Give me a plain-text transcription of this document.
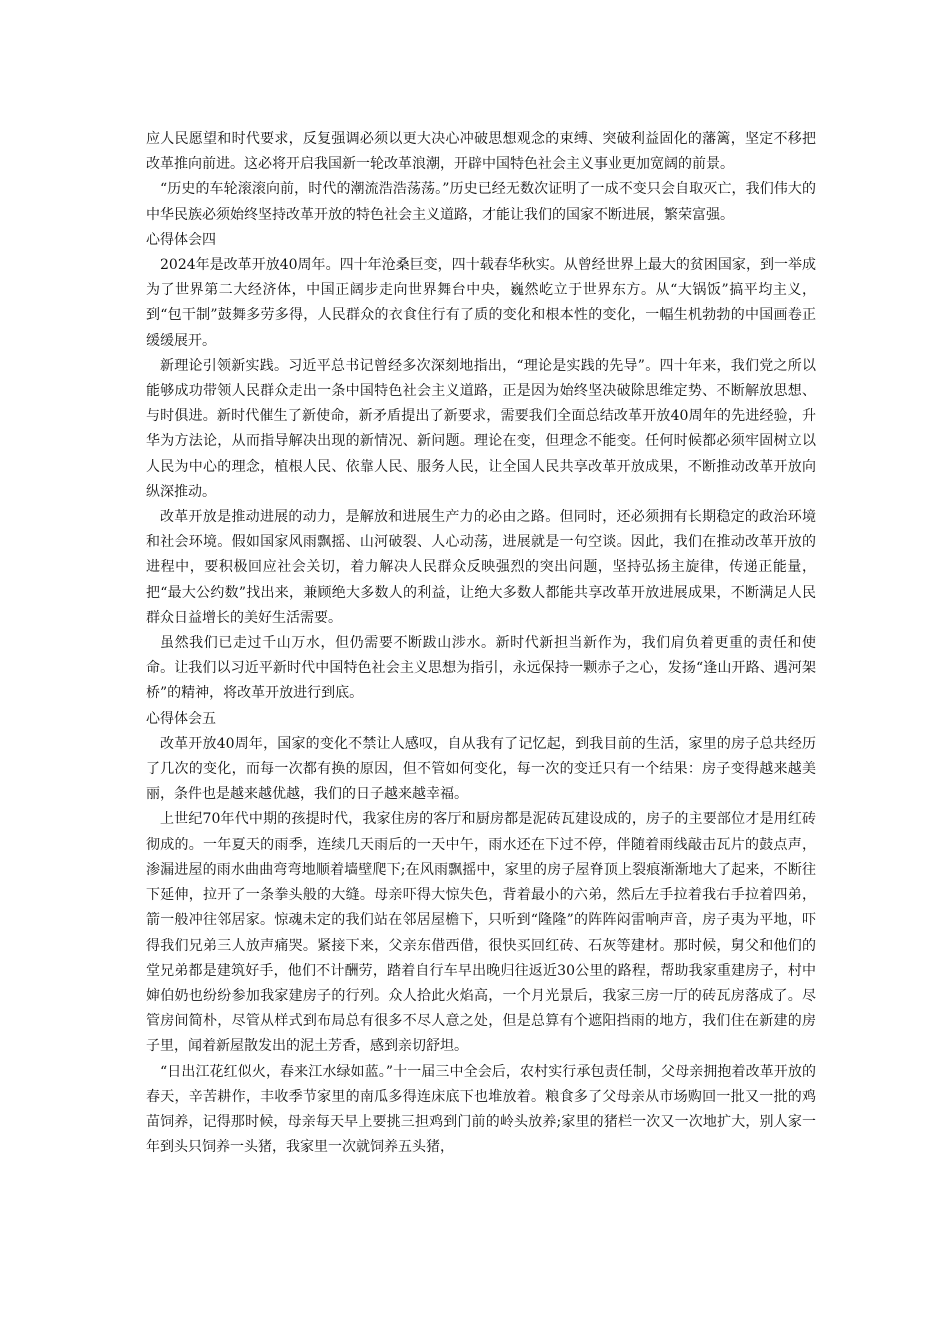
应人民愿望和时代要求，反复强调必须以更大决心冲破思想观念的束缚、突破利益固化的藩篱，坚定不移把改革推向前进。这必将开启我国新一轮改革浪潮，开辟中国特色社会主义事业更加宽阔的前景。

“历史的车轮滚滚向前，时代的潮流浩浩荡荡。”历史已经无数次证明了一成不变只会自取灭亡，我们伟大的中华民族必须始终坚持改革开放的特色社会主义道路，才能让我们的国家不断进展，繁荣富强。

心得体会四

2024年是改革开放40周年。四十年沧桑巨变，四十载春华秋实。从曾经世界上最大的贫困国家，到一举成为了世界第二大经济体，中国正阔步走向世界舞台中央，巍然屹立于世界东方。从“大锅饭”搞平均主义，到“包干制”鼓舞多劳多得，人民群众的衣食住行有了质的变化和根本性的变化，一幅生机勃勃的中国画卷正缓缓展开。

新理论引领新实践。习近平总书记曾经多次深刻地指出，“理论是实践的先导”。四十年来，我们党之所以能够成功带领人民群众走出一条中国特色社会主义道路，正是因为始终坚决破除思维定势、不断解放思想、与时俱进。新时代催生了新使命，新矛盾提出了新要求，需要我们全面总结改革开放40周年的先进经验，升华为方法论，从而指导解决出现的新情况、新问题。理论在变，但理念不能变。任何时候都必须牢固树立以人民为中心的理念，植根人民、依靠人民、服务人民，让全国人民共享改革开放成果，不断推动改革开放向纵深推动。

改革开放是推动进展的动力，是解放和进展生产力的必由之路。但同时，还必须拥有长期稳定的政治环境和社会环境。假如国家风雨飘摇、山河破裂、人心动荡，进展就是一句空谈。因此，我们在推动改革开放的进程中，要积极回应社会关切，着力解决人民群众反映强烈的突出问题，坚持弘扬主旋律，传递正能量，把“最大公约数”找出来，兼顾绝大多数人的利益，让绝大多数人都能共享改革开放进展成果，不断满足人民群众日益增长的美好生活需要。

虽然我们已走过千山万水，但仍需要不断跋山涉水。新时代新担当新作为，我们肩负着更重的责任和使命。让我们以习近平新时代中国特色社会主义思想为指引，永远保持一颗赤子之心，发扬“逢山开路、遇河架桥”的精神，将改革开放进行到底。

心得体会五

改革开放40周年，国家的变化不禁让人感叹，自从我有了记忆起，到我目前的生活，家里的房子总共经历了几次的变化，而每一次都有换的原因，但不管如何变化，每一次的变迁只有一个结果：房子变得越来越美丽，条件也是越来越优越，我们的日子越来越幸福。

上世纪70年代中期的孩提时代，我家住房的客厅和厨房都是泥砖瓦建设成的，房子的主要部位才是用红砖彻成的。一年夏天的雨季，连续几天雨后的一天中午，雨水还在下过不停，伴随着雨线敲击瓦片的鼓点声，渗漏进屋的雨水曲曲弯弯地顺着墙壁爬下;在风雨飘摇中，家里的房子屋脊顶上裂痕渐渐地大了起来，不断往下延伸，拉开了一条拳头般的大缝。母亲吓得大惊失色，背着最小的六弟，然后左手拉着我右手拉着四弟，箭一般冲往邻居家。惊魂未定的我们站在邻居屋檐下，只听到“隆隆”的阵阵闷雷响声音，房子夷为平地，吓得我们兄弟三人放声痛哭。紧接下来，父亲东借西借，很快买回红砖、石灰等建材。那时候，舅父和他们的堂兄弟都是建筑好手，他们不计酬劳，踏着自行车早出晚归往返近30公里的路程，帮助我家重建房子，村中婶伯奶也纷纷参加我家建房子的行列。众人拾此火焰高，一个月光景后，我家三房一厅的砖瓦房落成了。尽管房间简朴，尽管从样式到布局总有很多不尽人意之处，但是总算有个遮阳挡雨的地方，我们住在新建的房子里，闻着新屋散发出的泥土芳香，感到亲切舒坦。

“日出江花红似火，春来江水绿如蓝。”十一届三中全会后，农村实行承包责任制，父母亲拥抱着改革开放的春天，辛苦耕作，丰收季节家里的南瓜多得连床底下也堆放着。粮食多了父母亲从市场购回一批又一批的鸡苗饲养，记得那时候，母亲每天早上要挑三担鸡到门前的岭头放养;家里的猪栏一次又一次地扩大，别人家一年到头只饲养一头猪，我家里一次就饲养五头猪，
